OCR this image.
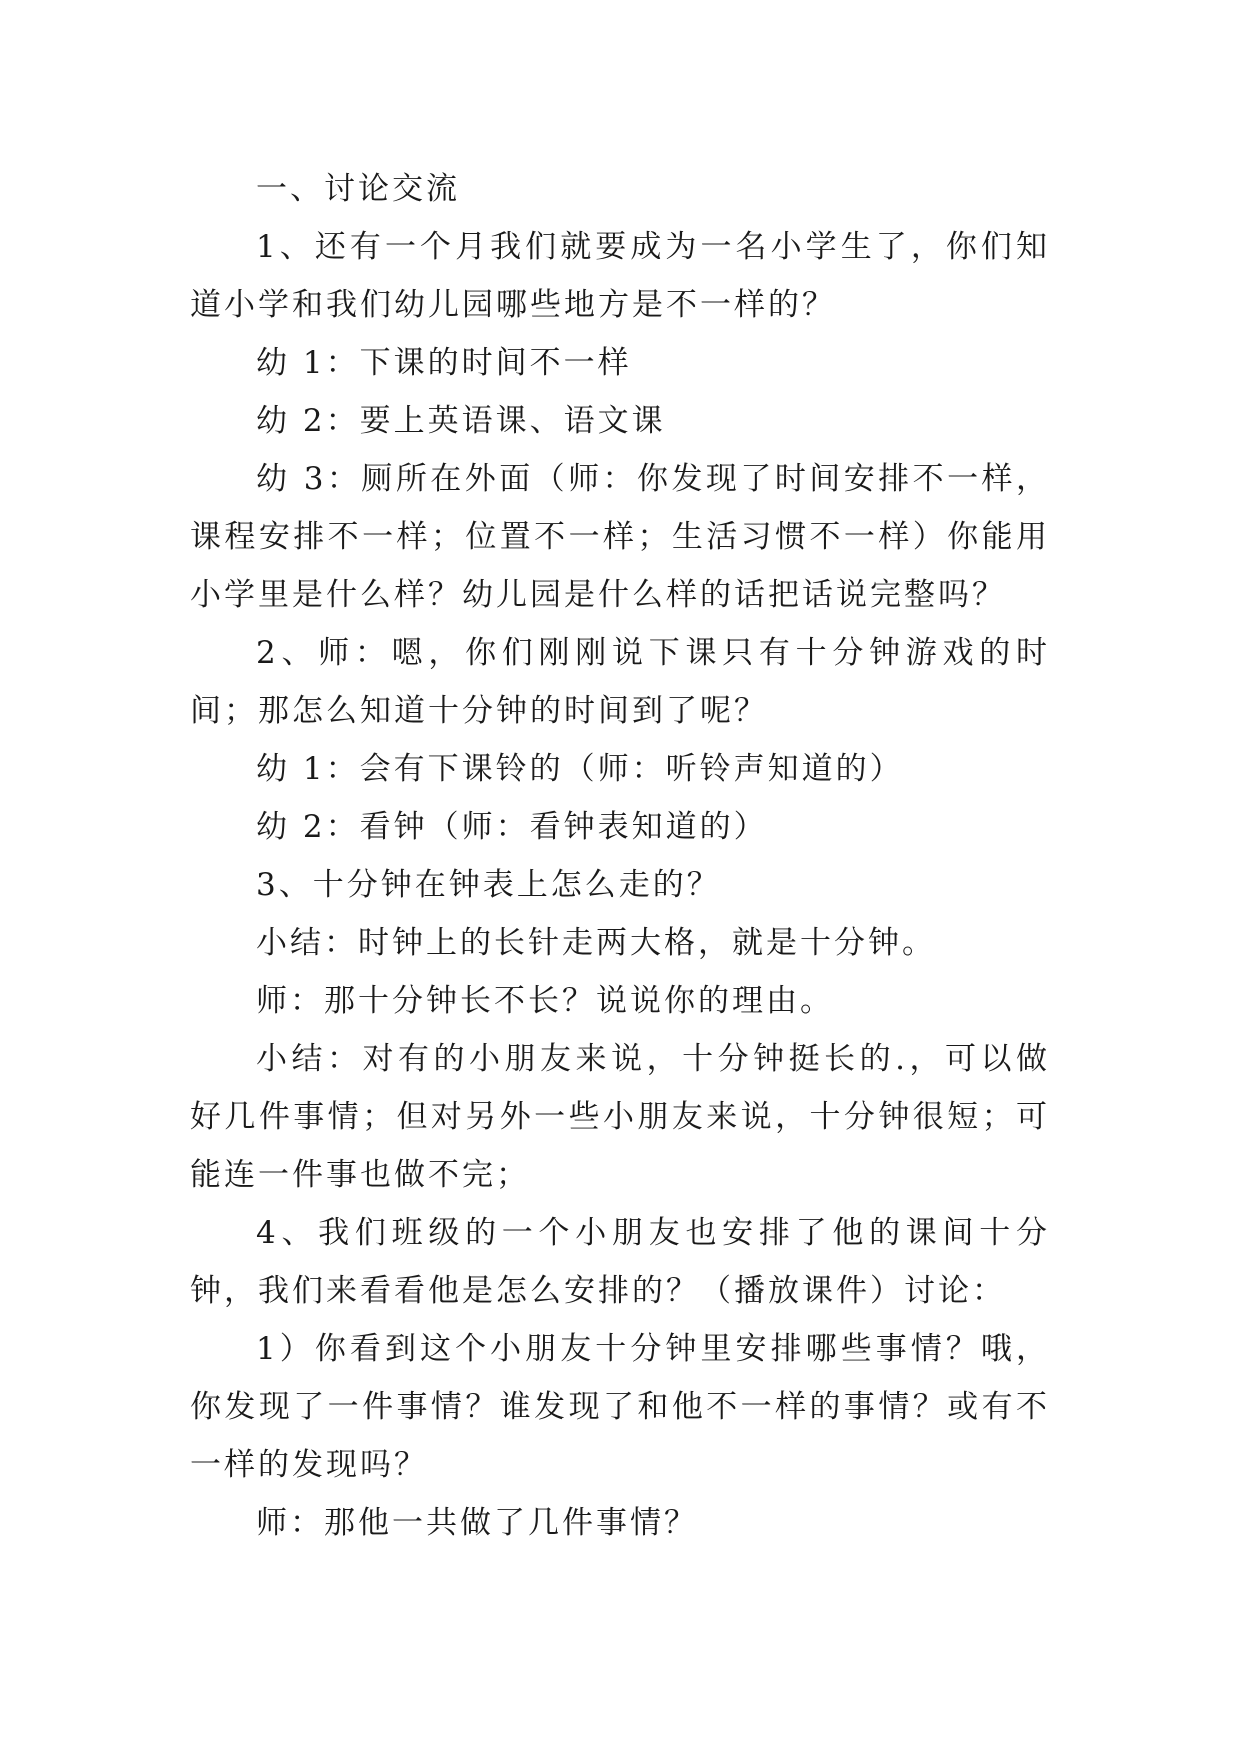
一、讨论交流

1、还有一个月我们就要成为一名小学生了，你们知道小学和我们幼儿园哪些地方是不一样的？

幼 1：下课的时间不一样

幼 2：要上英语课、语文课

幼 3：厕所在外面（师：你发现了时间安排不一样，课程安排不一样；位置不一样；生活习惯不一样）你能用小学里是什么样？幼儿园是什么样的话把话说完整吗？

2、师：嗯，你们刚刚说下课只有十分钟游戏的时间；那怎么知道十分钟的时间到了呢？

幼 1：会有下课铃的（师：听铃声知道的）

幼 2：看钟（师：看钟表知道的）

3、十分钟在钟表上怎么走的？

小结：时钟上的长针走两大格，就是十分钟。

师：那十分钟长不长？说说你的理由。

小结：对有的小朋友来说，十分钟挺长的.，可以做好几件事情；但对另外一些小朋友来说，十分钟很短；可能连一件事也做不完；

4、我们班级的一个小朋友也安排了他的课间十分钟，我们来看看他是怎么安排的？（播放课件）讨论：

1）你看到这个小朋友十分钟里安排哪些事情？哦，你发现了一件事情？谁发现了和他不一样的事情？或有不一样的发现吗？

师：那他一共做了几件事情？
